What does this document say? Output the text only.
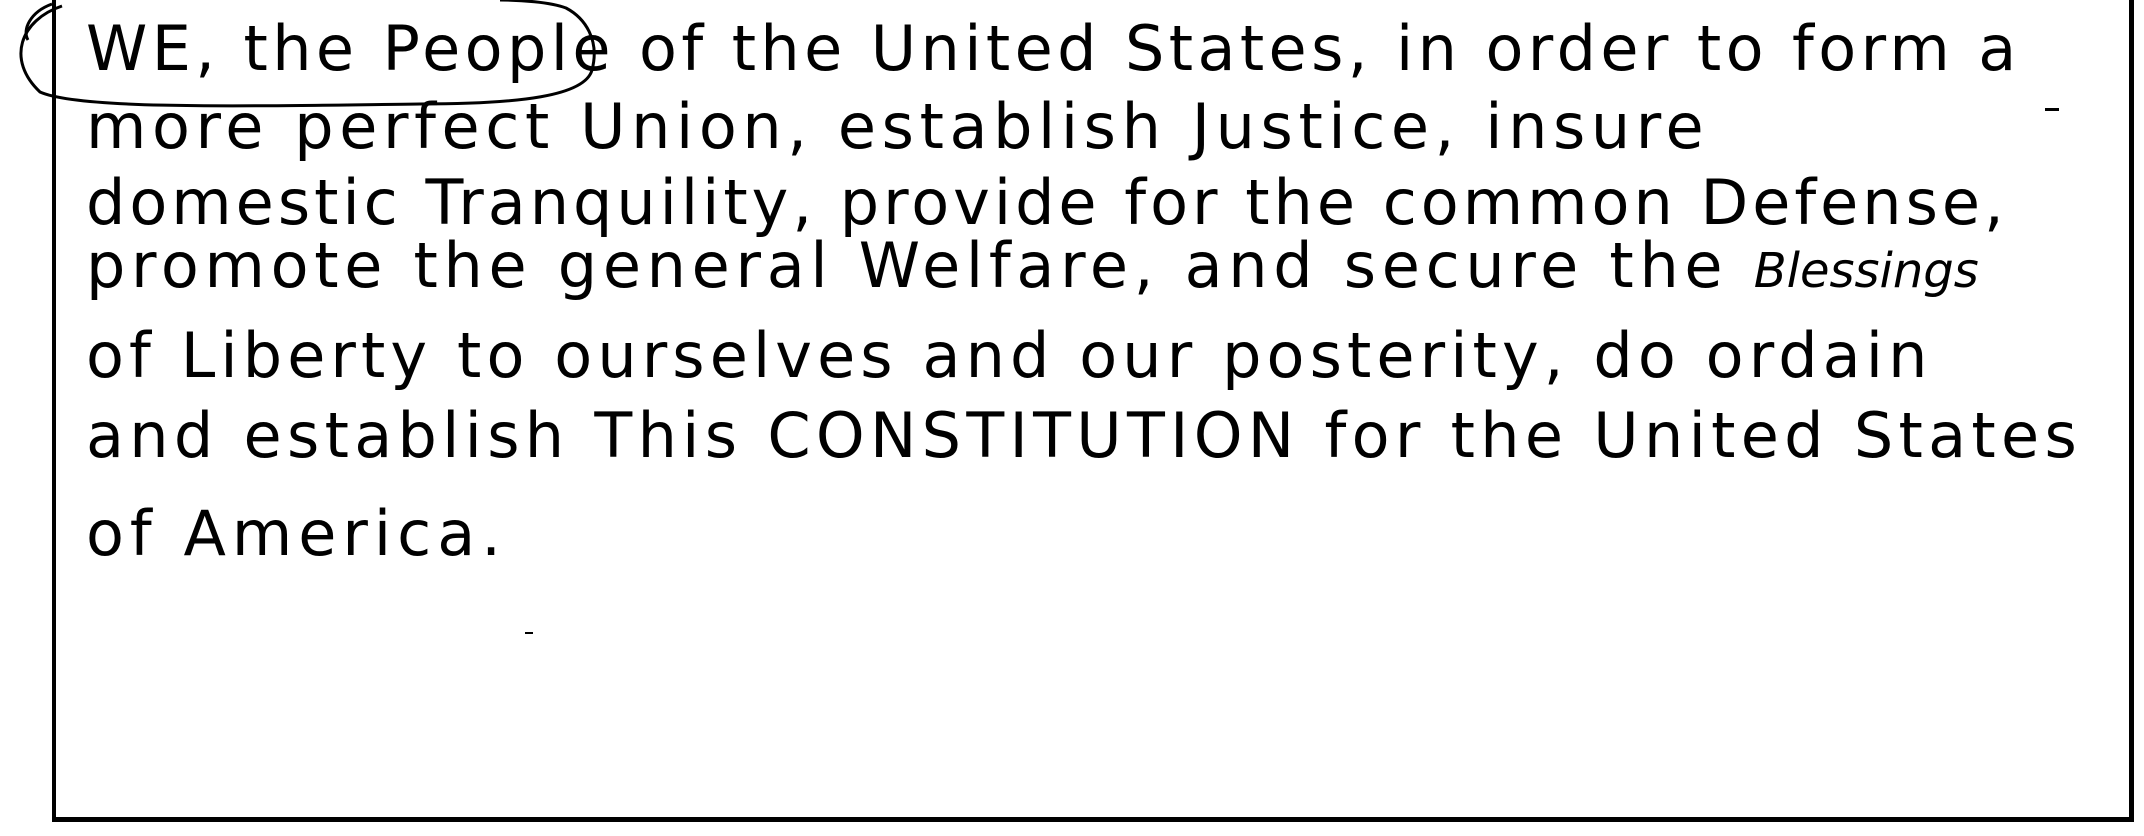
WE, the People of the United States, in order to form a
more perfect Union, establish Justice, insure
domestic Tranquility, provide for the common Defense,
promote the general Welfare, and secure the Blessings
of Liberty to ourselves and our posterity, do ordain
and establish This CONSTITUTION for the United States
of America.
